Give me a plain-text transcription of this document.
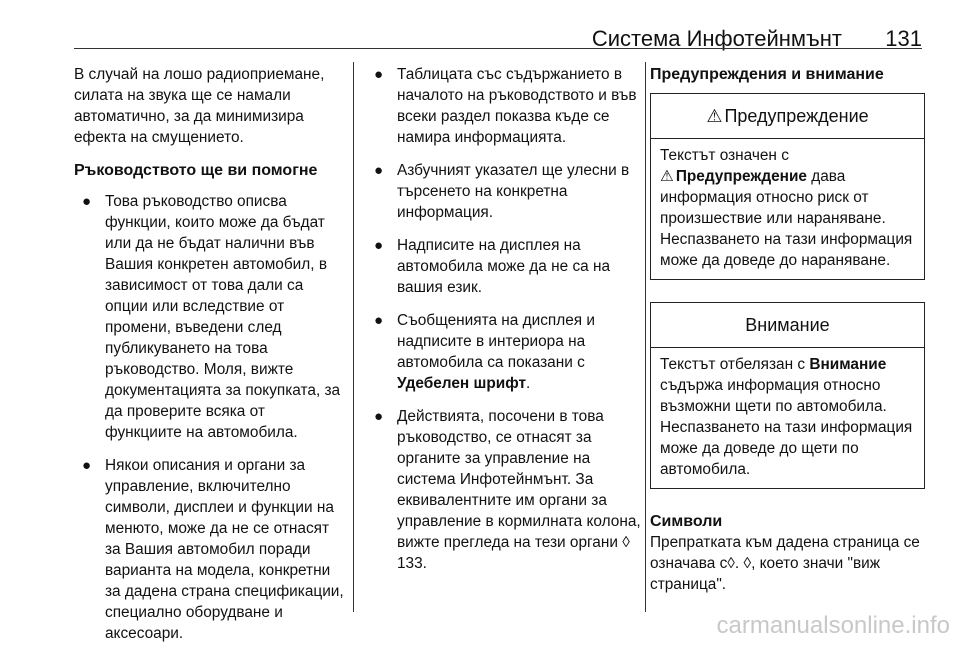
Система Инфотейнмънт 131

В случай на лошо радиоприемане, силата на звука ще се намали автоматично, за да минимизира ефекта на смущението.

Ръководството ще ви помогне

● Това ръководство описва функции, които може да бъдат или да не бъдат налични във Вашия конкретен автомобил, в зависимост от това дали са опции или вследствие от промени, въведени след публикуването на това ръководство. Моля, вижте документацията за покупката, за да проверите всяка от функциите на автомобила.
● Някои описания и органи за управление, включително символи, дисплеи и функции на менюто, може да не се отнасят за Вашия автомобил поради варианта на модела, конкретни за дадена страна спецификации, специално оборудване и аксесоари.
● Таблицата със съдържанието в началото на ръководството и във всеки раздел показва къде се намира информацията.
● Азбучният указател ще улесни в търсенето на конкретна информация.
● Надписите на дисплея на автомобила може да не са на вашия език.
● Съобщенията на дисплея и надписите в интериора на автомобила са показани с Удебелен шрифт.
● Действията, посочени в това ръководство, се отнасят за органите за управление на система Инфотейнмънт. За еквивалентните им органи за управление в кормилната колона, вижте прегледа на тези органи ◊ 133.

Предупреждения и внимание

⚠ Предупреждение
Текстът означен с
⚠ Предупреждение дава информация относно риск от произшествие или нараняване. Неспазването на тази информация може да доведе до нараняване.
Внимание
Текстът отбелязан с Внимание съдържа информация относно възможни щети по автомобила. Неспазването на тази информация може да доведе до щети по автомобила.

Символи

Препратката към дадена страница се означава с◊. ◊, което значи "виж страница".

carmanualsonline.info
